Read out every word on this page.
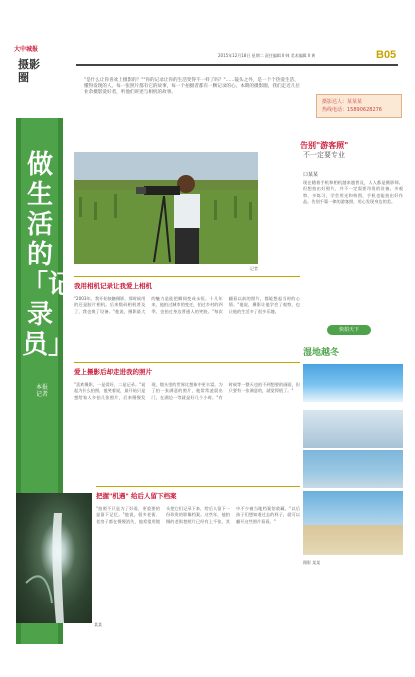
大中城报
摄影圈
2015年12月18日 星期二 责任编辑 Ⅱ 韩 美术编辑 Ⅱ 黄	B05
"是什么让你喜欢上摄影的？""你的记录让你的生活变得不一样了吗？"......镜头之外，是一个个热爱生活、懂得发现的人。每一张照片都有它的故事，每一个拍摄者都有一颗记录的心。本期的摄影圈，我们走近几位业余摄影爱好者，听他们讲述与相机的故事。
摄影达人：某某某
热线电话：15890628276
做生活的「记录员」
本报记者
记者
我用相机记录让我爱上相机
"2003年，我开始接触摄影，那时候用的还是胶片相机。后来数码相机普及了，我也换了设备。"他说，摄影最大的魅力是能把瞬间变成永恒。十几年来，他拍过城市的变迁，拍过乡村的四季，也拍过身边普通人的笑脸。"每次翻看以前的照片，都能想起当时的心情。"他说，摄影让他学会了观察，也让他的生活多了很多乐趣。
爱上摄影后却走进我的照片
"喜欢摄影，一是爱好，二是记录。"说起为什么拍照，他笑着说，最开始只是想给家人多拍几张照片，后来慢慢发现，镜头里的世界比想象中更丰富。为了拍一张满意的照片，他常常凌晨出门，在湖边一等就是好几个小时。"有时候等一整天也拍不到想要的画面，但只要有一张满意的，就觉得值了。"
把握"机遇" 给后人留下档案
"拍照不只是为了好看，更重要的是留下记忆。"他说，很多老街、老房子都在慢慢消失，他希望用镜头把它们记录下来，给后人留下一份珍贵的影像档案。这些年，他拍摄的老街巷照片已经有上千张，其中不少被当地档案馆收藏。"以后孩子们想知道过去的样子，就可以翻开这些照片看看。"
某某
告别"游客照"
不一定要专业
口某某
现在随着手机和相机越来越普及，人人都是摄影师。但想拍出好照片，并不一定需要昂贵的设备。多观察、多练习，学会用光和构图，手机也能拍出好作品。告别千篇一律的游客照，用心发现身边的美。
快拍天下
湿地越冬
摄影 某某
